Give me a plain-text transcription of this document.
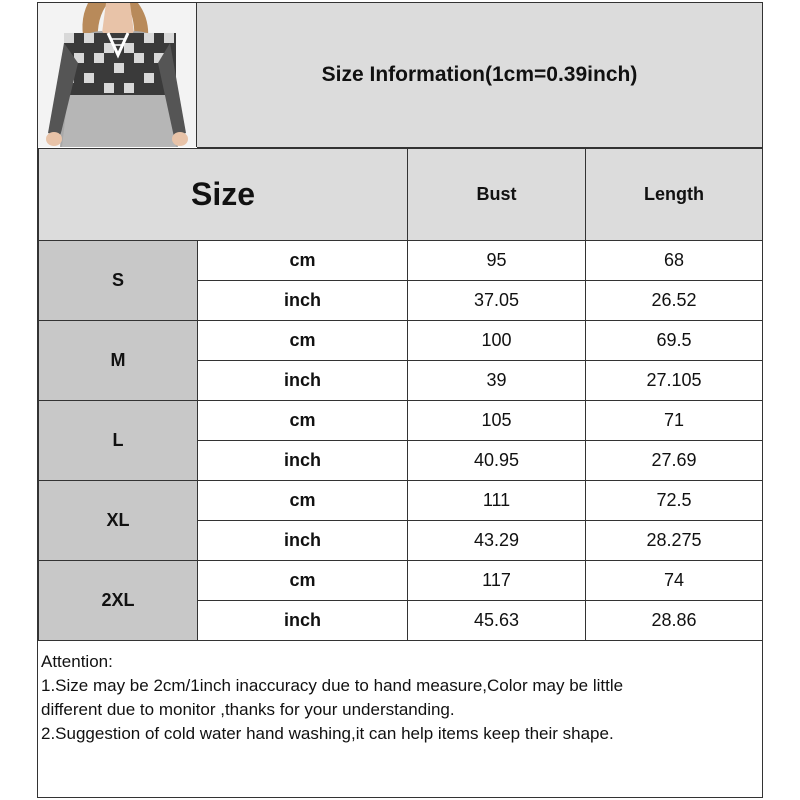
Size Information(1cm=0.39inch)
Size		Bust	Length
S	cm	95	68
	inch	37.05	26.52
M	cm	100	69.5
	inch	39	27.105
L	cm	105	71
	inch	40.95	27.69
XL	cm	111	72.5
	inch	43.29	28.275
2XL	cm	117	74
	inch	45.63	28.86
Attention:
1.Size may be 2cm/1inch inaccuracy due to hand measure,Color may be little
different due to monitor ,thanks for your understanding.
2.Suggestion of cold water hand washing,it can help items keep their shape.
